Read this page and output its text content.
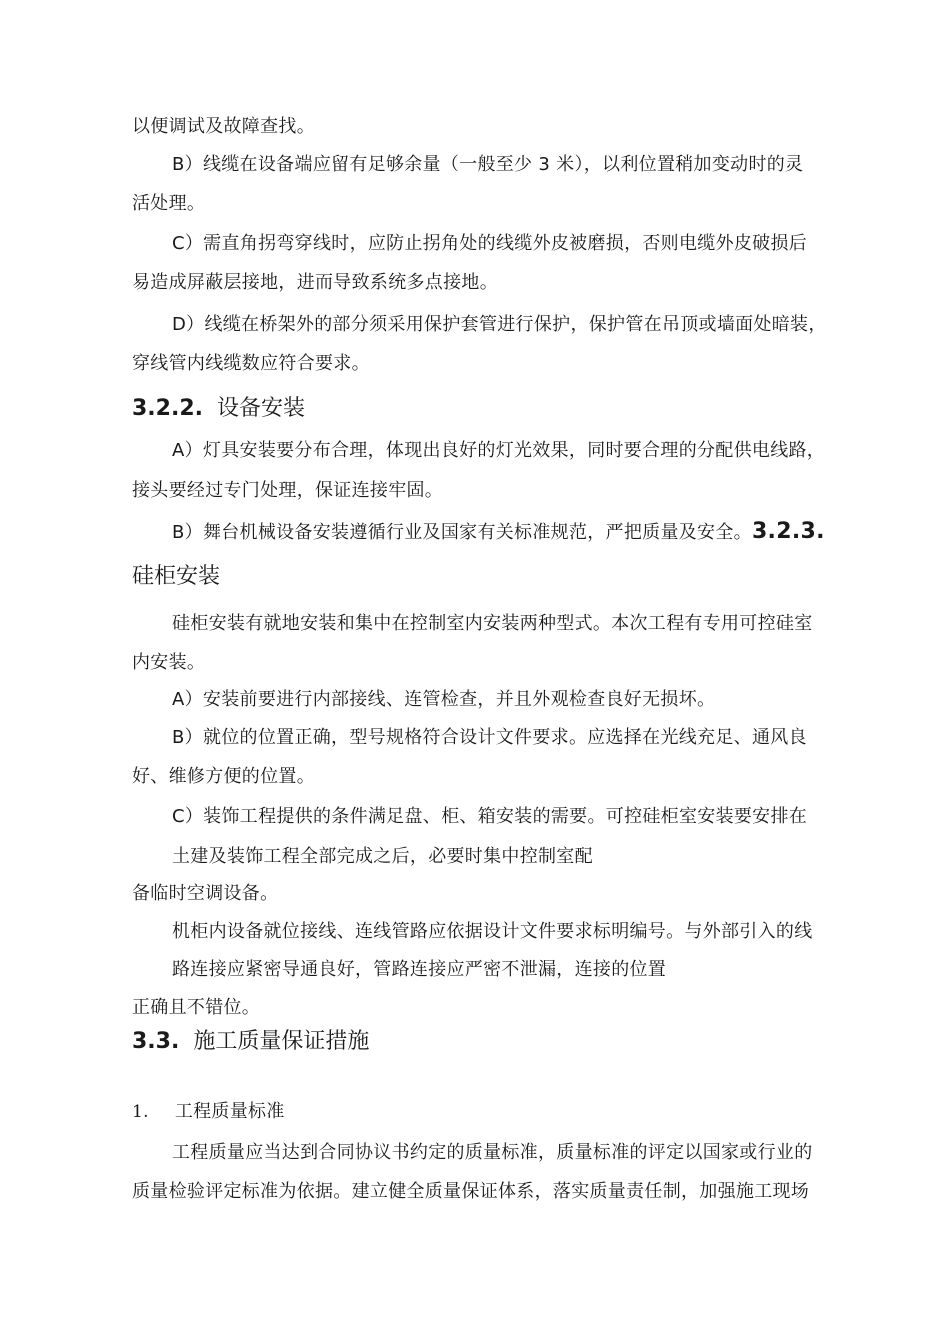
以便调试及故障查找。
B）线缆在设备端应留有足够余量（一般至少 3 米），以利位置稍加变动时的灵
活处理。
C）需直角拐弯穿线时，应防止拐角处的线缆外皮被磨损，否则电缆外皮破损后
易造成屏蔽层接地，进而导致系统多点接地。
D）线缆在桥架外的部分须采用保护套管进行保护，保护管在吊顶或墙面处暗装，
穿线管内线缆数应符合要求。
3.2.2. 设备安装
A）灯具安装要分布合理，体现出良好的灯光效果，同时要合理的分配供电线路，
接头要经过专门处理，保证连接牢固。
B）舞台机械设备安装遵循行业及国家有关标准规范，严把质量及安全。3.2.3.
硅柜安装
硅柜安装有就地安装和集中在控制室内安装两种型式。本次工程有专用可控硅室
内安装。
A）安装前要进行内部接线、连管检查，并且外观检查良好无损坏。
B）就位的位置正确，型号规格符合设计文件要求。应选择在光线充足、通风良
好、维修方便的位置。
C）装饰工程提供的条件满足盘、柜、箱安装的需要。可控硅柜室安装要安排在
土建及装饰工程全部完成之后，必要时集中控制室配
备临时空调设备。
机柜内设备就位接线、连线管路应依据设计文件要求标明编号。与外部引入的线
路连接应紧密导通良好，管路连接应严密不泄漏，连接的位置
正确且不错位。
3.3. 施工质量保证措施
1. 工程质量标准
工程质量应当达到合同协议书约定的质量标准，质量标准的评定以国家或行业的
质量检验评定标准为依据。建立健全质量保证体系，落实质量责任制，加强施工现场
